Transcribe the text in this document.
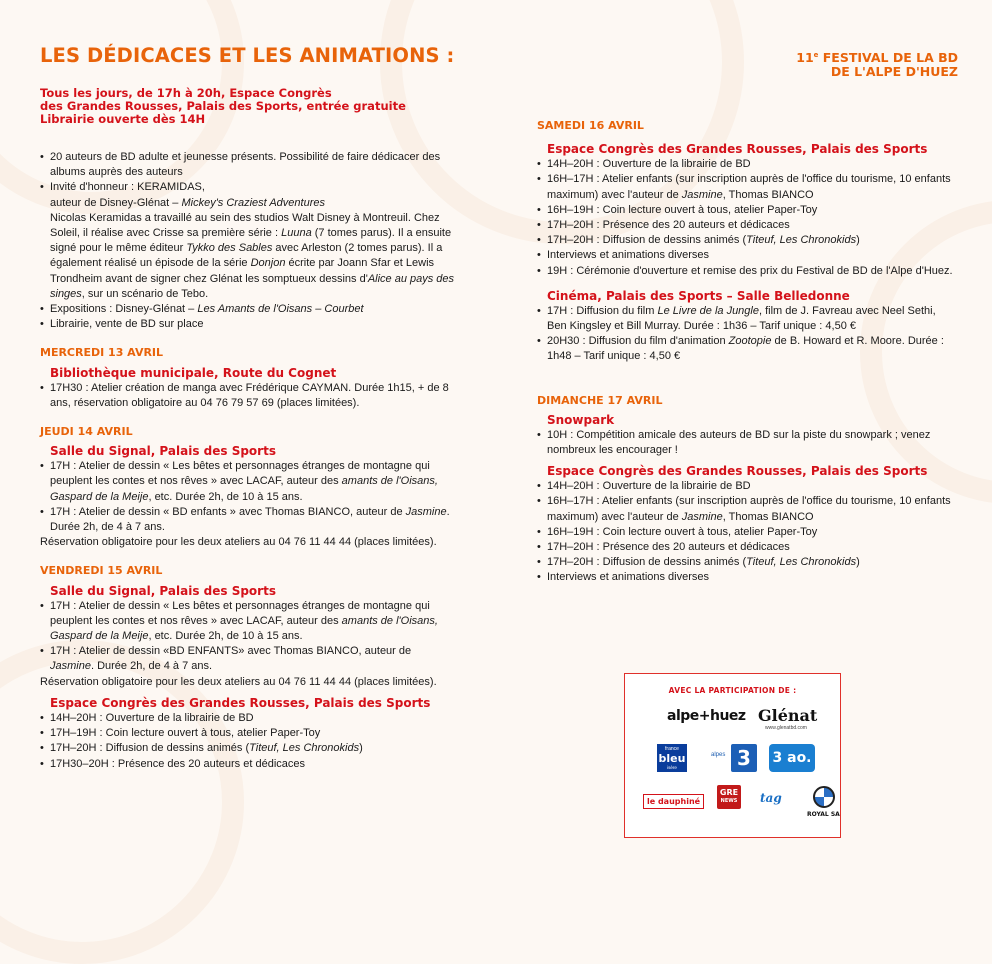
LES DÉDICACES ET LES ANIMATIONS :	11e FESTIVAL DE LA BD
DE L'ALPE D'HUEZ
Tous les jours, de 17h à 20h, Espace Congrès
des Grandes Rousses, Palais des Sports, entrée gratuite
Librairie ouverte dès 14H
• 20 auteurs de BD adulte et jeunesse présents. Possibilité de faire dédicacer des albums auprès des auteurs
• Invité d'honneur : KERAMIDAS,
auteur de Disney-Glénat – Mickey's Craziest Adventures
Nicolas Keramidas a travaillé au sein des studios Walt Disney à Montreuil. Chez Soleil, il réalise avec Crisse sa première série : Luuna (7 tomes parus). Il a ensuite signé pour le même éditeur Tykko des Sables avec Arleston (2 tomes parus). Il a également réalisé un épisode de la série Donjon écrite par Joann Sfar et Lewis Trondheim avant de signer chez Glénat les somptueux dessins d'Alice au pays des singes, sur un scénario de Tebo.
• Expositions : Disney-Glénat – Les Amants de l'Oisans – Courbet
• Librairie, vente de BD sur place
MERCREDI 13 AVRIL
Bibliothèque municipale, Route du Cognet
• 17H30 : Atelier création de manga avec Frédérique CAYMAN. Durée 1h15, + de 8 ans, réservation obligatoire au 04 76 79 57 69 (places limitées).
JEUDI 14 AVRIL
Salle du Signal, Palais des Sports
• 17H : Atelier de dessin « Les bêtes et personnages étranges de montagne qui peuplent les contes et nos rêves » avec LACAF, auteur des amants de l'Oisans, Gaspard de la Meije, etc. Durée 2h, de 10 à 15 ans.
• 17H : Atelier de dessin « BD enfants » avec Thomas BIANCO, auteur de Jasmine. Durée 2h, de 4 à 7 ans.

Réservation obligatoire pour les deux ateliers au 04 76 11 44 44 (places limitées).

VENDREDI 15 AVRIL
Salle du Signal, Palais des Sports
• 17H : Atelier de dessin « Les bêtes et personnages étranges de montagne qui peuplent les contes et nos rêves » avec LACAF, auteur des amants de l'Oisans, Gaspard de la Meije, etc. Durée 2h, de 10 à 15 ans.
• 17H : Atelier de dessin «BD ENFANTS» avec Thomas BIANCO, auteur de Jasmine. Durée 2h, de 4 à 7 ans.

Réservation obligatoire pour les deux ateliers au 04 76 11 44 44 (places limitées).

Espace Congrès des Grandes Rousses, Palais des Sports
• 14H–20H : Ouverture de la librairie de BD
• 17H–19H : Coin lecture ouvert à tous, atelier Paper-Toy
• 17H–20H : Diffusion de dessins animés (Titeuf, Les Chronokids)
• 17H30–20H : Présence des 20 auteurs et dédicaces
SAMEDI 16 AVRIL
Espace Congrès des Grandes Rousses, Palais des Sports
• 14H–20H : Ouverture de la librairie de BD
• 16H–17H : Atelier enfants (sur inscription auprès de l'office du tourisme, 10 enfants maximum) avec l'auteur de Jasmine, Thomas BIANCO
• 16H–19H : Coin lecture ouvert à tous, atelier Paper-Toy
• 17H–20H : Présence des 20 auteurs et dédicaces
• 17H–20H : Diffusion de dessins animés (Titeuf, Les Chronokids)
• Interviews et animations diverses
• 19H : Cérémonie d'ouverture et remise des prix du Festival de BD de l'Alpe d'Huez.
Cinéma, Palais des Sports – Salle Belledonne
• 17H : Diffusion du film Le Livre de la Jungle, film de J. Favreau avec Neel Sethi, Ben Kingsley et Bill Murray. Durée : 1h36 – Tarif unique : 4,50 €
• 20H30 : Diffusion du film d'animation Zootopie de B. Howard et R. Moore. Durée : 1h48 – Tarif unique : 4,50 €
DIMANCHE 17 AVRIL
Snowpark
• 10H : Compétition amicale des auteurs de BD sur la piste du snowpark ; venez nombreux les encourager !
Espace Congrès des Grandes Rousses, Palais des Sports
• 14H–20H : Ouverture de la librairie de BD
• 16H–17H : Atelier enfants (sur inscription auprès de l'office du tourisme, 10 enfants maximum) avec l'auteur de Jasmine, Thomas BIANCO
• 16H–19H : Coin lecture ouvert à tous, atelier Paper-Toy
• 17H–20H : Présence des 20 auteurs et dédicaces
• 17H–20H : Diffusion de dessins animés (Titeuf, Les Chronokids)
• Interviews et animations diverses
AVEC LA PARTICIPATION DE :
alpe+huez Glénat
www.glenatbd.com
france
bleu
isère
alpes 3	3 ao.
le dauphiné
GRE
NEWS	tag
ROYAL SA
